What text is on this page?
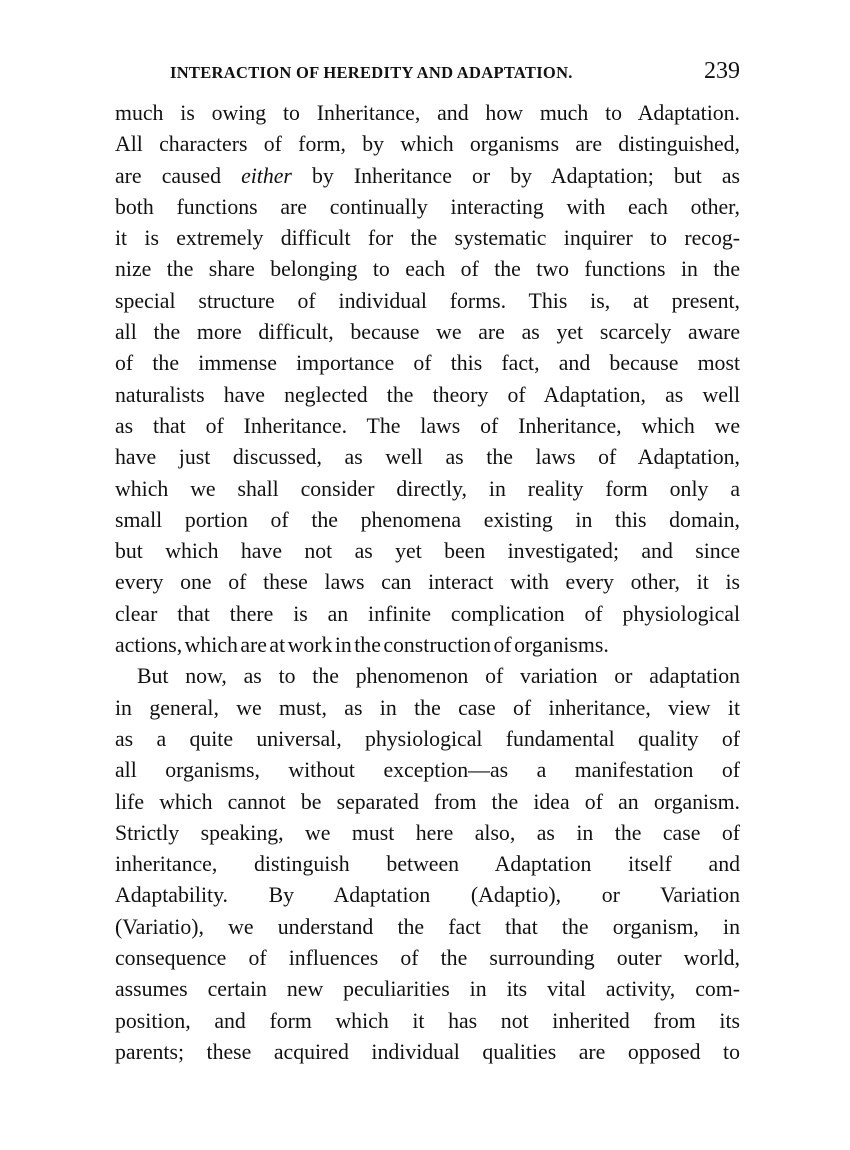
INTERACTION OF HEREDITY AND ADAPTATION.	239
much is owing to Inheritance, and how much to Adaptation.
All characters of form, by which organisms are distinguished,
are caused either by Inheritance or by Adaptation; but as
both functions are continually interacting with each other,
it is extremely difficult for the systematic inquirer to recog-
nize the share belonging to each of the two functions in the
special structure of individual forms. This is, at present,
all the more difficult, because we are as yet scarcely aware
of the immense importance of this fact, and because most
naturalists have neglected the theory of Adaptation, as well
as that of Inheritance. The laws of Inheritance, which we
have just discussed, as well as the laws of Adaptation,
which we shall consider directly, in reality form only a
small portion of the phenomena existing in this domain,
but which have not as yet been investigated; and since
every one of these laws can interact with every other, it is
clear that there is an infinite complication of physiological
actions, which are at work in the construction of organisms.
But now, as to the phenomenon of variation or adaptation
in general, we must, as in the case of inheritance, view it
as a quite universal, physiological fundamental quality of
all organisms, without exception—as a manifestation of
life which cannot be separated from the idea of an organism.
Strictly speaking, we must here also, as in the case of
inheritance, distinguish between Adaptation itself and
Adaptability. By Adaptation (Adaptio), or Variation
(Variatio), we understand the fact that the organism, in
consequence of influences of the surrounding outer world,
assumes certain new peculiarities in its vital activity, com-
position, and form which it has not inherited from its
parents; these acquired individual qualities are opposed to
